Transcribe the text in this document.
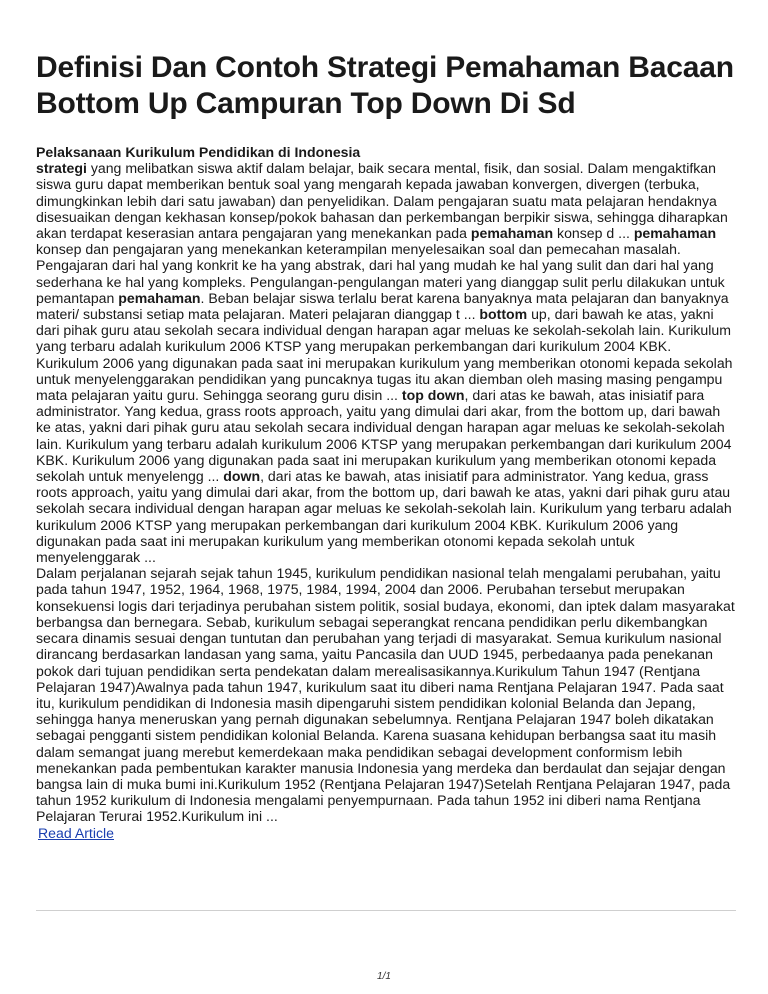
Definisi Dan Contoh Strategi Pemahaman Bacaan Bottom Up Campuran Top Down Di Sd

Pelaksanaan Kurikulum Pendidikan di Indonesia

strategi yang melibatkan siswa aktif dalam belajar, baik secara mental, fisik, dan sosial. Dalam mengaktifkan siswa guru dapat memberikan bentuk soal yang mengarah kepada jawaban konvergen, divergen (terbuka, dimungkinkan lebih dari satu jawaban) dan penyelidikan. Dalam pengajaran suatu mata pelajaran hendaknya disesuaikan dengan kekhasan konsep/pokok bahasan dan perkembangan berpikir siswa, sehingga diharapkan akan terdapat keserasian antara pengajaran yang menekankan pada pemahaman konsep d ... pemahaman konsep dan pengajaran yang menekankan keterampilan menyelesaikan soal dan pemecahan masalah. Pengajaran dari hal yang konkrit ke ha yang abstrak, dari hal yang mudah ke hal yang sulit dan dari hal yang sederhana ke hal yang kompleks. Pengulangan-pengulangan materi yang dianggap sulit perlu dilakukan untuk pemantapan pemahaman. Beban belajar siswa terlalu berat karena banyaknya mata pelajaran dan banyaknya materi/ substansi setiap mata pelajaran. Materi pelajaran dianggap t ... bottom up, dari bawah ke atas, yakni dari pihak guru atau sekolah secara individual dengan harapan agar meluas ke sekolah-sekolah lain. Kurikulum yang terbaru adalah kurikulum 2006 KTSP yang merupakan perkembangan dari kurikulum 2004 KBK. Kurikulum 2006 yang digunakan pada saat ini merupakan kurikulum yang memberikan otonomi kepada sekolah untuk menyelenggarakan pendidikan yang puncaknya tugas itu akan diemban oleh masing masing pengampu mata pelajaran yaitu guru. Sehingga seorang guru disin ... top down, dari atas ke bawah, atas inisiatif para administrator. Yang kedua, grass roots approach, yaitu yang dimulai dari akar, from the bottom up, dari bawah ke atas, yakni dari pihak guru atau sekolah secara individual dengan harapan agar meluas ke sekolah-sekolah lain. Kurikulum yang terbaru adalah kurikulum 2006 KTSP yang merupakan perkembangan dari kurikulum 2004 KBK. Kurikulum 2006 yang digunakan pada saat ini merupakan kurikulum yang memberikan otonomi kepada sekolah untuk menyelengg ... down, dari atas ke bawah, atas inisiatif para administrator. Yang kedua, grass roots approach, yaitu yang dimulai dari akar, from the bottom up, dari bawah ke atas, yakni dari pihak guru atau sekolah secara individual dengan harapan agar meluas ke sekolah-sekolah lain. Kurikulum yang terbaru adalah kurikulum 2006 KTSP yang merupakan perkembangan dari kurikulum 2004 KBK. Kurikulum 2006 yang digunakan pada saat ini merupakan kurikulum yang memberikan otonomi kepada sekolah untuk menyelenggarak ...

Dalam perjalanan sejarah sejak tahun 1945, kurikulum pendidikan nasional telah mengalami perubahan, yaitu pada tahun 1947, 1952, 1964, 1968, 1975, 1984, 1994, 2004 dan 2006. Perubahan tersebut merupakan konsekuensi logis dari terjadinya perubahan sistem politik, sosial budaya, ekonomi, dan iptek dalam masyarakat berbangsa dan bernegara. Sebab, kurikulum sebagai seperangkat rencana pendidikan perlu dikembangkan secara dinamis sesuai dengan tuntutan dan perubahan yang terjadi di masyarakat. Semua kurikulum nasional dirancang berdasarkan landasan yang sama, yaitu Pancasila dan UUD 1945, perbedaanya pada penekanan pokok dari tujuan pendidikan serta pendekatan dalam merealisasikannya.Kurikulum Tahun 1947 (Rentjana Pelajaran 1947)Awalnya pada tahun 1947, kurikulum saat itu diberi nama Rentjana Pelajaran 1947. Pada saat itu, kurikulum pendidikan di Indonesia masih dipengaruhi sistem pendidikan kolonial Belanda dan Jepang, sehingga hanya meneruskan yang pernah digunakan sebelumnya. Rentjana Pelajaran 1947 boleh dikatakan sebagai pengganti sistem pendidikan kolonial Belanda. Karena suasana kehidupan berbangsa saat itu masih dalam semangat juang merebut kemerdekaan maka pendidikan sebagai development conformism lebih menekankan pada pembentukan karakter manusia Indonesia yang merdeka dan berdaulat dan sejajar dengan bangsa lain di muka bumi ini.Kurikulum 1952 (Rentjana Pelajaran 1947)Setelah Rentjana Pelajaran 1947, pada tahun 1952 kurikulum di Indonesia mengalami penyempurnaan. Pada tahun 1952 ini diberi nama Rentjana Pelajaran Terurai 1952.Kurikulum ini ...

Read Article
1/1
